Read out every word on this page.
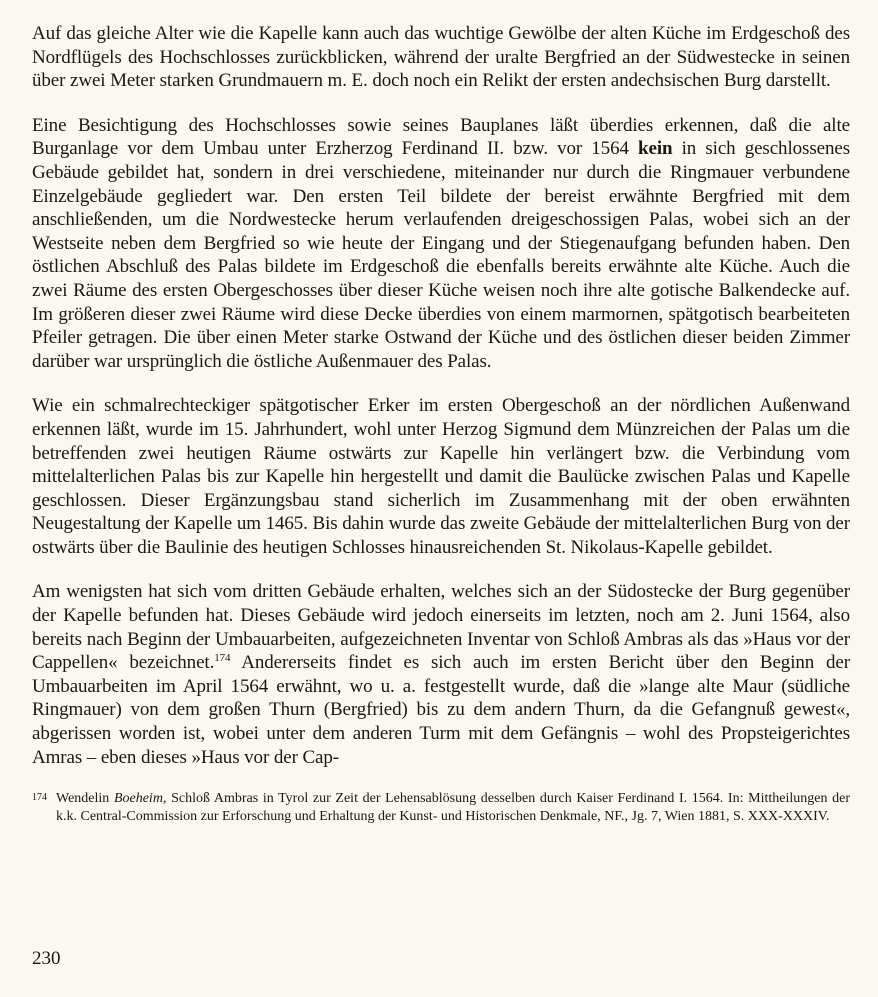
Auf das gleiche Alter wie die Kapelle kann auch das wuchtige Gewölbe der alten Küche im Erdgeschoß des Nordflügels des Hochschlosses zurückblicken, während der uralte Bergfried an der Südwestecke in seinen über zwei Meter starken Grundmauern m. E. doch noch ein Relikt der ersten andechsischen Burg darstellt.

Eine Besichtigung des Hochschlosses sowie seines Bauplanes läßt überdies erkennen, daß die alte Burganlage vor dem Umbau unter Erzherzog Ferdinand II. bzw. vor 1564 kein in sich geschlossenes Gebäude gebildet hat, sondern in drei verschiedene, miteinander nur durch die Ringmauer verbundene Einzelgebäude gegliedert war. Den ersten Teil bildete der bereist erwähnte Bergfried mit dem anschließenden, um die Nordwestecke herum verlaufenden dreigeschossigen Palas, wobei sich an der Westseite neben dem Bergfried so wie heute der Eingang und der Stiegenaufgang befunden haben. Den östlichen Abschluß des Palas bildete im Erdgeschoß die ebenfalls bereits erwähnte alte Küche. Auch die zwei Räume des ersten Obergeschosses über dieser Küche weisen noch ihre alte gotische Balkendecke auf. Im größeren dieser zwei Räume wird diese Decke überdies von einem marmornen, spätgotisch bearbeiteten Pfeiler getragen. Die über einen Meter starke Ostwand der Küche und des östlichen dieser beiden Zimmer darüber war ursprünglich die östliche Außenmauer des Palas.

Wie ein schmalrechteckiger spätgotischer Erker im ersten Obergeschoß an der nördlichen Außenwand erkennen läßt, wurde im 15. Jahrhundert, wohl unter Herzog Sigmund dem Münzreichen der Palas um die betreffenden zwei heutigen Räume ostwärts zur Kapelle hin verlängert bzw. die Verbindung vom mittelalterlichen Palas bis zur Kapelle hin hergestellt und damit die Baulücke zwischen Palas und Kapelle geschlossen. Dieser Ergänzungsbau stand sicherlich im Zusammenhang mit der oben erwähnten Neugestaltung der Kapelle um 1465. Bis dahin wurde das zweite Gebäude der mittelalterlichen Burg von der ostwärts über die Baulinie des heutigen Schlosses hinausreichenden St. Nikolaus-Kapelle gebildet.

Am wenigsten hat sich vom dritten Gebäude erhalten, welches sich an der Südostecke der Burg gegenüber der Kapelle befunden hat. Dieses Gebäude wird jedoch einerseits im letzten, noch am 2. Juni 1564, also bereits nach Beginn der Umbauarbeiten, aufgezeichneten Inventar von Schloß Ambras als das »Haus vor der Cappellen« bezeichnet.$^{174}$ Andererseits findet es sich auch im ersten Bericht über den Beginn der Umbauarbeiten im April 1564 erwähnt, wo u. a. festgestellt wurde, daß die »lange alte Maur (südliche Ringmauer) von dem großen Thurn (Bergfried) bis zu dem andern Thurn, da die Gefangnuß gewest«, abgerissen worden ist, wobei unter dem anderen Turm mit dem Gefängnis – wohl des Propsteigerichtes Amras – eben dieses »Haus vor der Cap-

174 Wendelin Boeheim, Schloß Ambras in Tyrol zur Zeit der Lehensablösung desselben durch Kaiser Ferdinand I. 1564. In: Mittheilungen der k.k. Central-Commission zur Erforschung und Erhaltung der Kunst- und Historischen Denkmale, NF., Jg. 7, Wien 1881, S. XXX-XXXIV.
230
